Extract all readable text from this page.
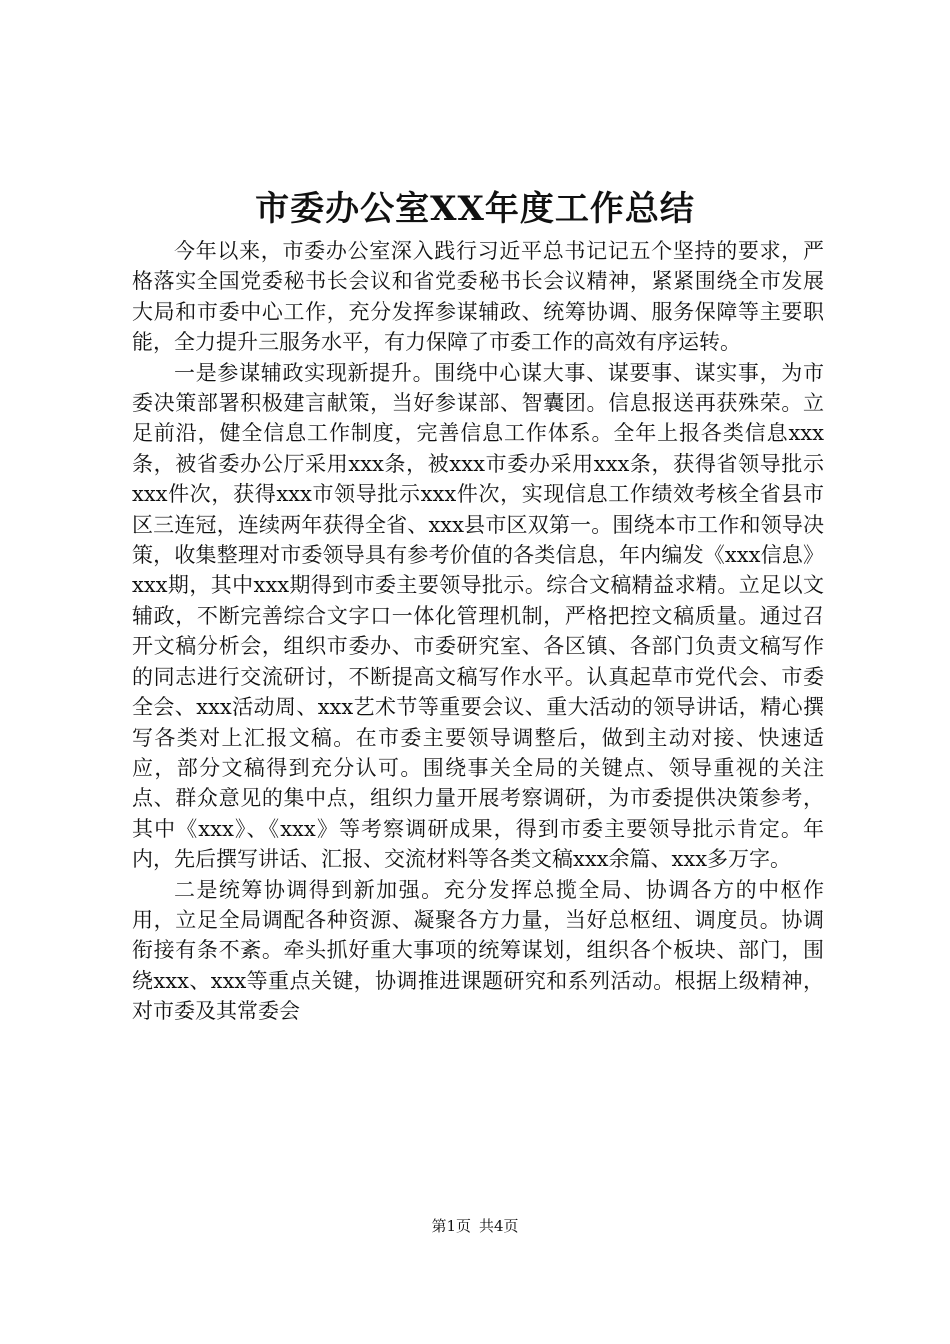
市委办公室XX年度工作总结

今年以来，市委办公室深入践行习近平总书记记五个坚持的要求，严格落实全国党委秘书长会议和省党委秘书长会议精神，紧紧围绕全市发展大局和市委中心工作，充分发挥参谋辅政、统筹协调、服务保障等主要职能，全力提升三服务水平，有力保障了市委工作的高效有序运转。

一是参谋辅政实现新提升。围绕中心谋大事、谋要事、谋实事，为市委决策部署积极建言献策，当好参谋部、智囊团。信息报送再获殊荣。立足前沿，健全信息工作制度，完善信息工作体系。全年上报各类信息xxx条，被省委办公厅采用xxx条，被xxx市委办采用xxx条，获得省领导批示xxx件次，获得xxx市领导批示xxx件次，实现信息工作绩效考核全省县市区三连冠，连续两年获得全省、xxx县市区双第一。围绕本市工作和领导决策，收集整理对市委领导具有参考价值的各类信息，年内编发《xxx信息》xxx期，其中xxx期得到市委主要领导批示。综合文稿精益求精。立足以文辅政，不断完善综合文字口一体化管理机制，严格把控文稿质量。通过召开文稿分析会，组织市委办、市委研究室、各区镇、各部门负责文稿写作的同志进行交流研讨，不断提高文稿写作水平。认真起草市党代会、市委全会、xxx活动周、xxx艺术节等重要会议、重大活动的领导讲话，精心撰写各类对上汇报文稿。在市委主要领导调整后，做到主动对接、快速适应，部分文稿得到充分认可。围绕事关全局的关键点、领导重视的关注点、群众意见的集中点，组织力量开展考察调研，为市委提供决策参考，其中《xxx》、《xxx》等考察调研成果，得到市委主要领导批示肯定。年内，先后撰写讲话、汇报、交流材料等各类文稿xxx余篇、xxx多万字。

二是统筹协调得到新加强。充分发挥总揽全局、协调各方的中枢作用，立足全局调配各种资源、凝聚各方力量，当好总枢纽、调度员。协调衔接有条不紊。牵头抓好重大事项的统筹谋划，组织各个板块、部门，围绕xxx、xxx等重点关键，协调推进课题研究和系列活动。根据上级精神，对市委及其常委会

第1页 共4页
